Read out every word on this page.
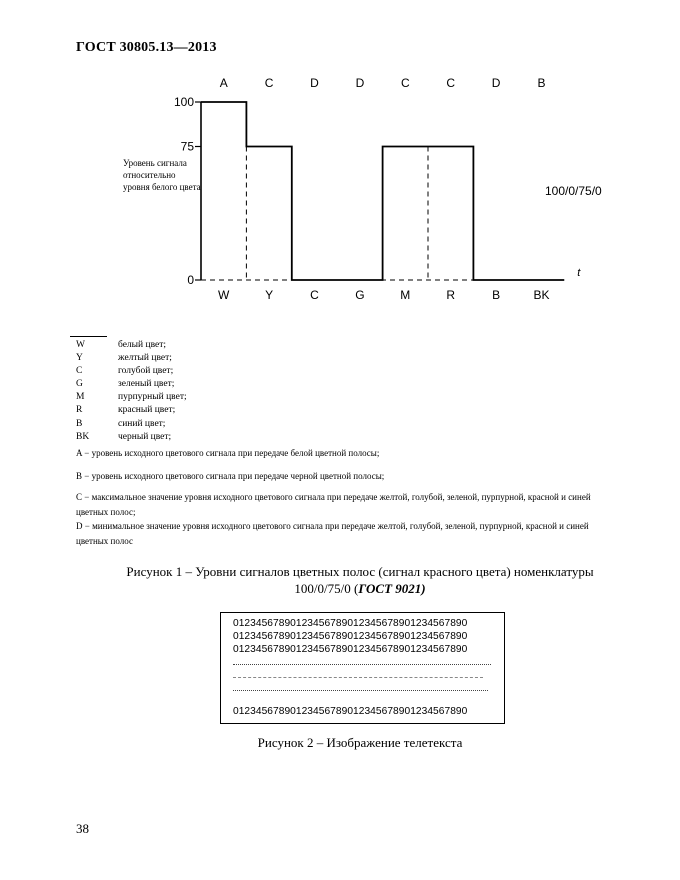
ГОСТ 30805.13—2013
A	C	D	D	C	C	D	B
W	Y	C	G	M	R	B	BK
100
75
0	t
Уровень сигнала относительно уровня белого цвета	100/0/75/0
W	белый цвет;
Y	желтый цвет;
C	голубой цвет;
G	зеленый цвет;
M	пурпурный цвет;
R	красный цвет;
B	синий цвет;
BK	черный цвет;
A − уровень исходного цветового сигнала при передаче белой цветной полосы;
B − уровень исходного цветового сигнала при передаче черной цветной полосы;
C − максимальное значение уровня исходного цветового сигнала при передаче желтой, голубой, зеленой, пурпурной, красной и синей цветных полос;
D − минимальное значение уровня исходного цветового сигнала при передаче желтой, голубой, зеленой, пурпурной, красной и синей цветных полос
Рисунок 1 – Уровни сигналов цветных полос (сигнал красного цвета) номенклатуры
100/0/75/0 (ГОСТ 9021)
01234567890123456789012345678901234567890
01234567890123456789012345678901234567890
01234567890123456789012345678901234567890
01234567890123456789012345678901234567890
Рисунок 2 – Изображение телетекста
38
